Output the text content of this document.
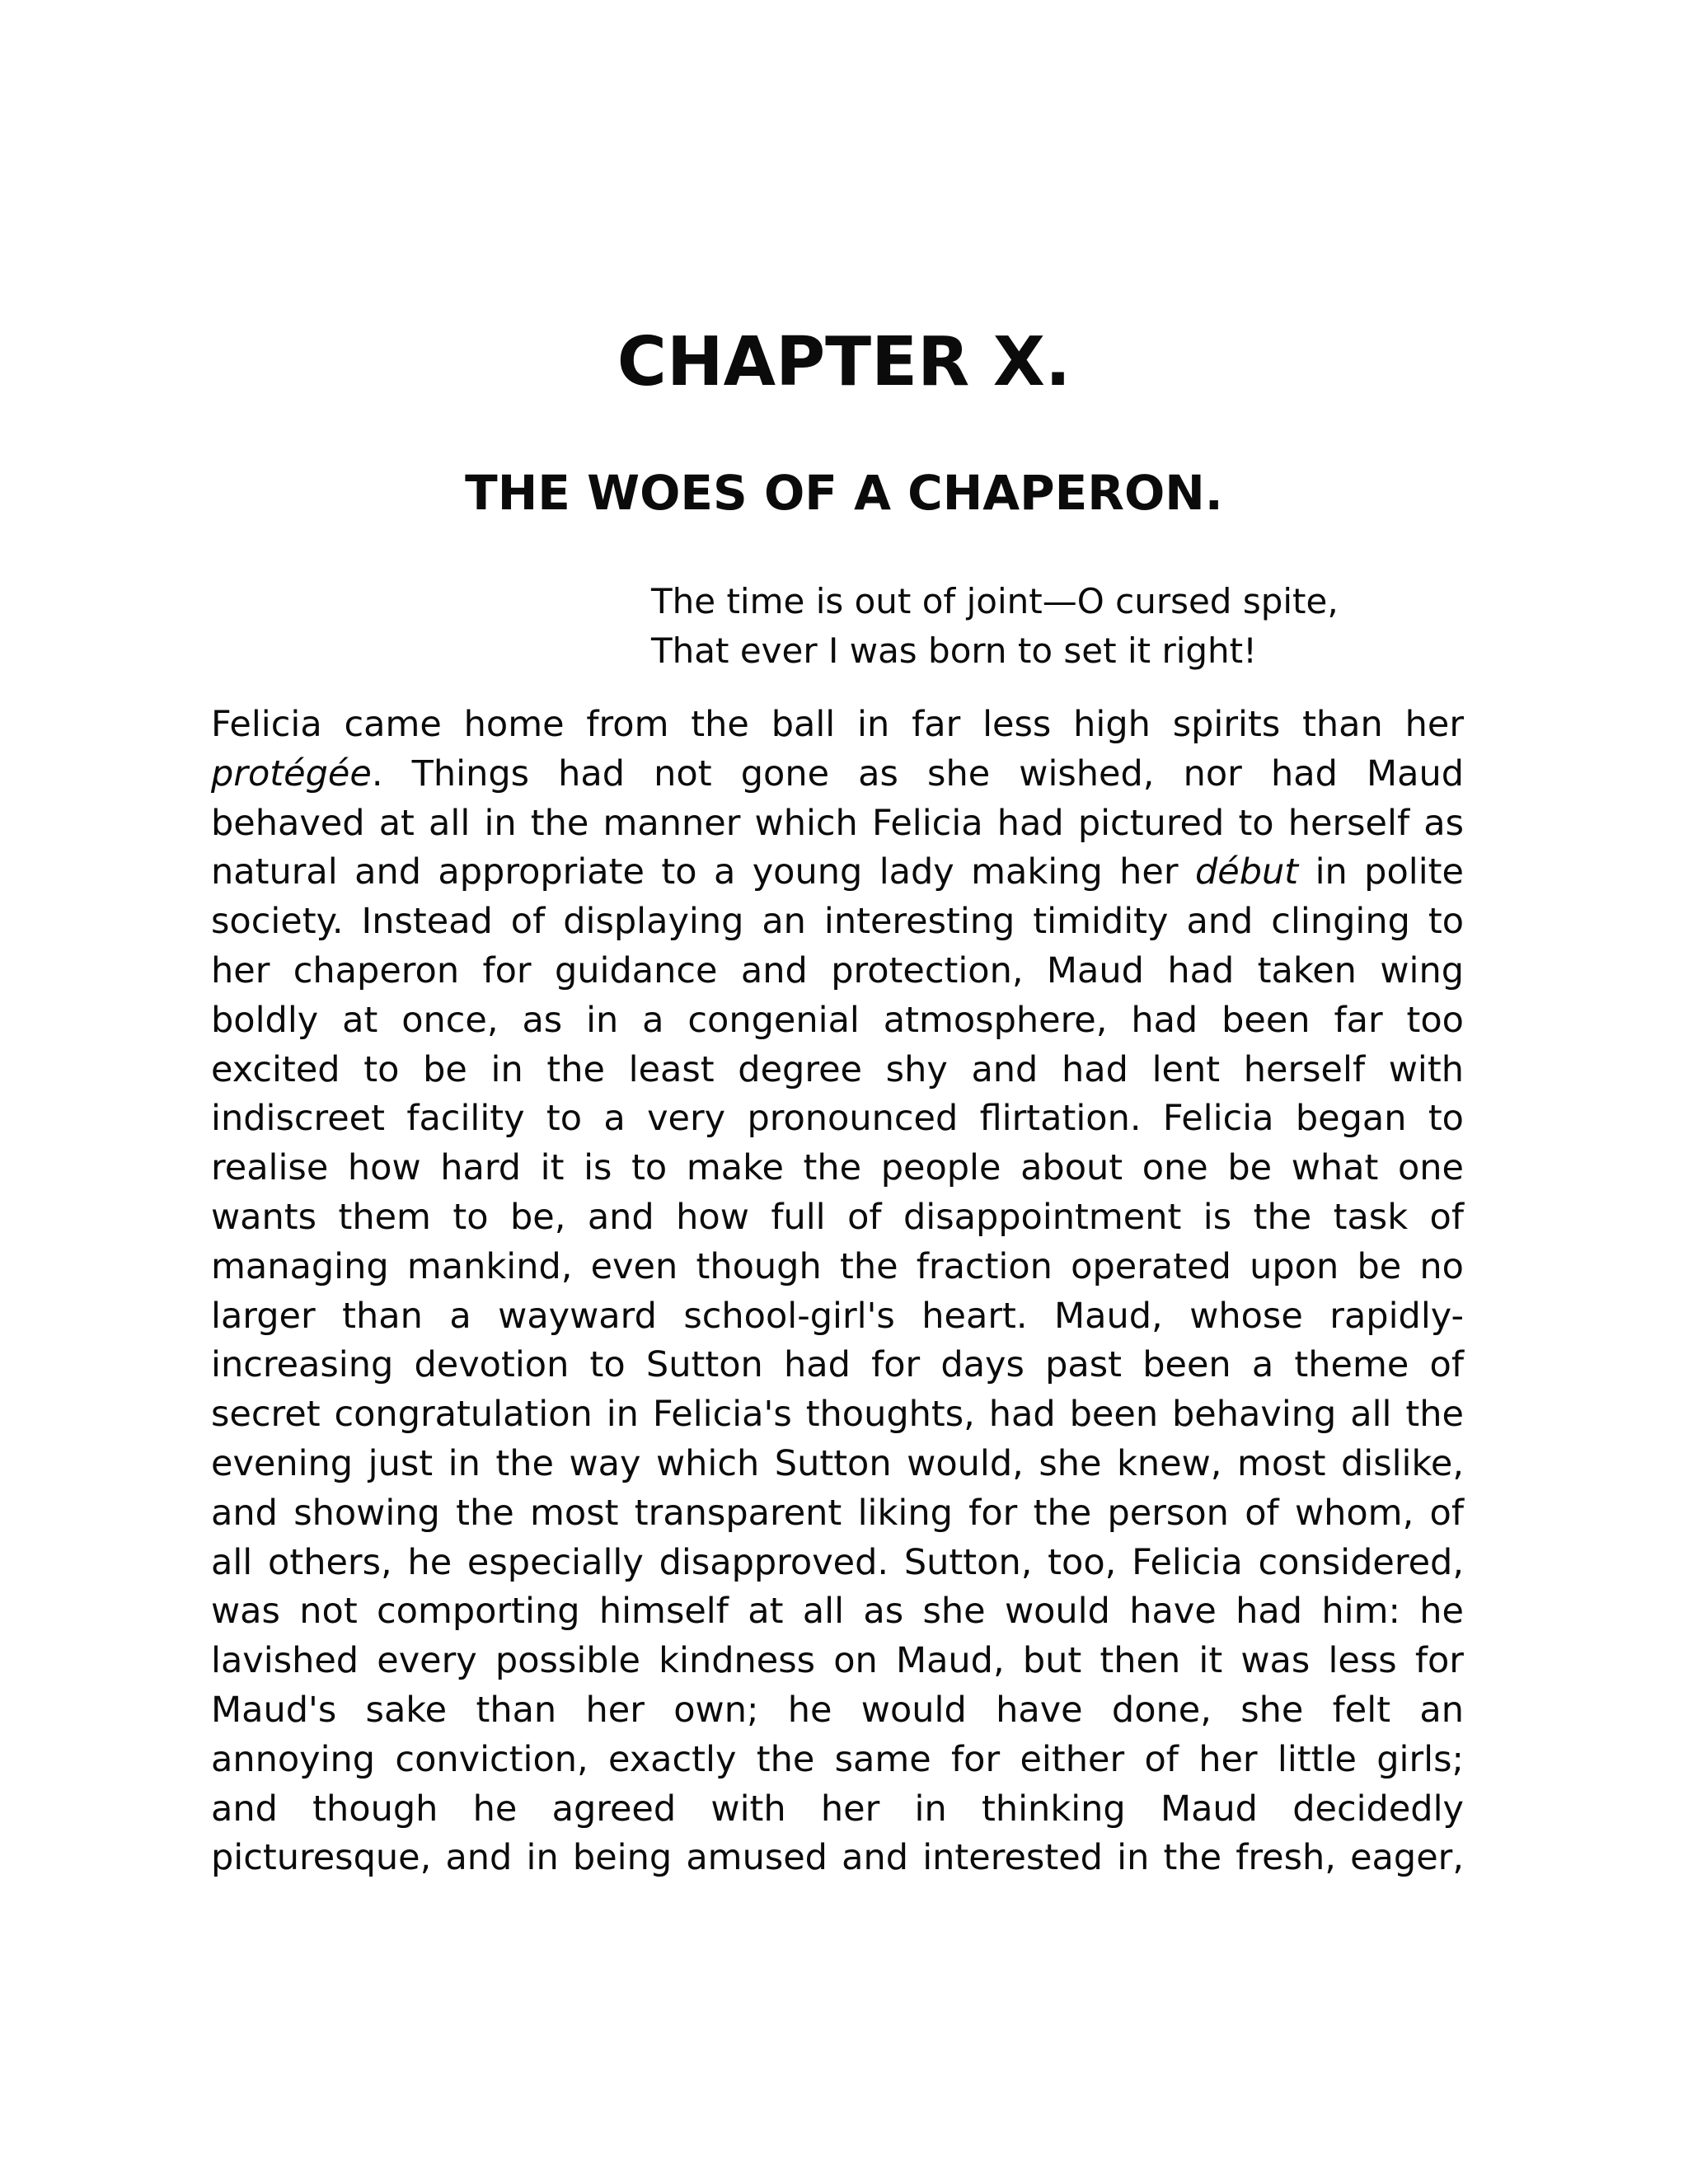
CHAPTER X.
THE WOES OF A CHAPERON.
The time is out of joint—O cursed spite,
That ever I was born to set it right!
Felicia came home from the ball in far less high spirits than her
protégée. Things had not gone as she wished, nor had Maud
behaved at all in the manner which Felicia had pictured to herself as
natural and appropriate to a young lady making her début in polite
society. Instead of displaying an interesting timidity and clinging to
her chaperon for guidance and protection, Maud had taken wing
boldly at once, as in a congenial atmosphere, had been far too
excited to be in the least degree shy and had lent herself with
indiscreet facility to a very pronounced flirtation. Felicia began to
realise how hard it is to make the people about one be what one
wants them to be, and how full of disappointment is the task of
managing mankind, even though the fraction operated upon be no
larger than a wayward school-girl's heart. Maud, whose rapidly-
increasing devotion to Sutton had for days past been a theme of
secret congratulation in Felicia's thoughts, had been behaving all the
evening just in the way which Sutton would, she knew, most dislike,
and showing the most transparent liking for the person of whom, of
all others, he especially disapproved. Sutton, too, Felicia considered,
was not comporting himself at all as she would have had him: he
lavished every possible kindness on Maud, but then it was less for
Maud's sake than her own; he would have done, she felt an
annoying conviction, exactly the same for either of her little girls;
and though he agreed with her in thinking Maud decidedly
picturesque, and in being amused and interested in the fresh, eager,
